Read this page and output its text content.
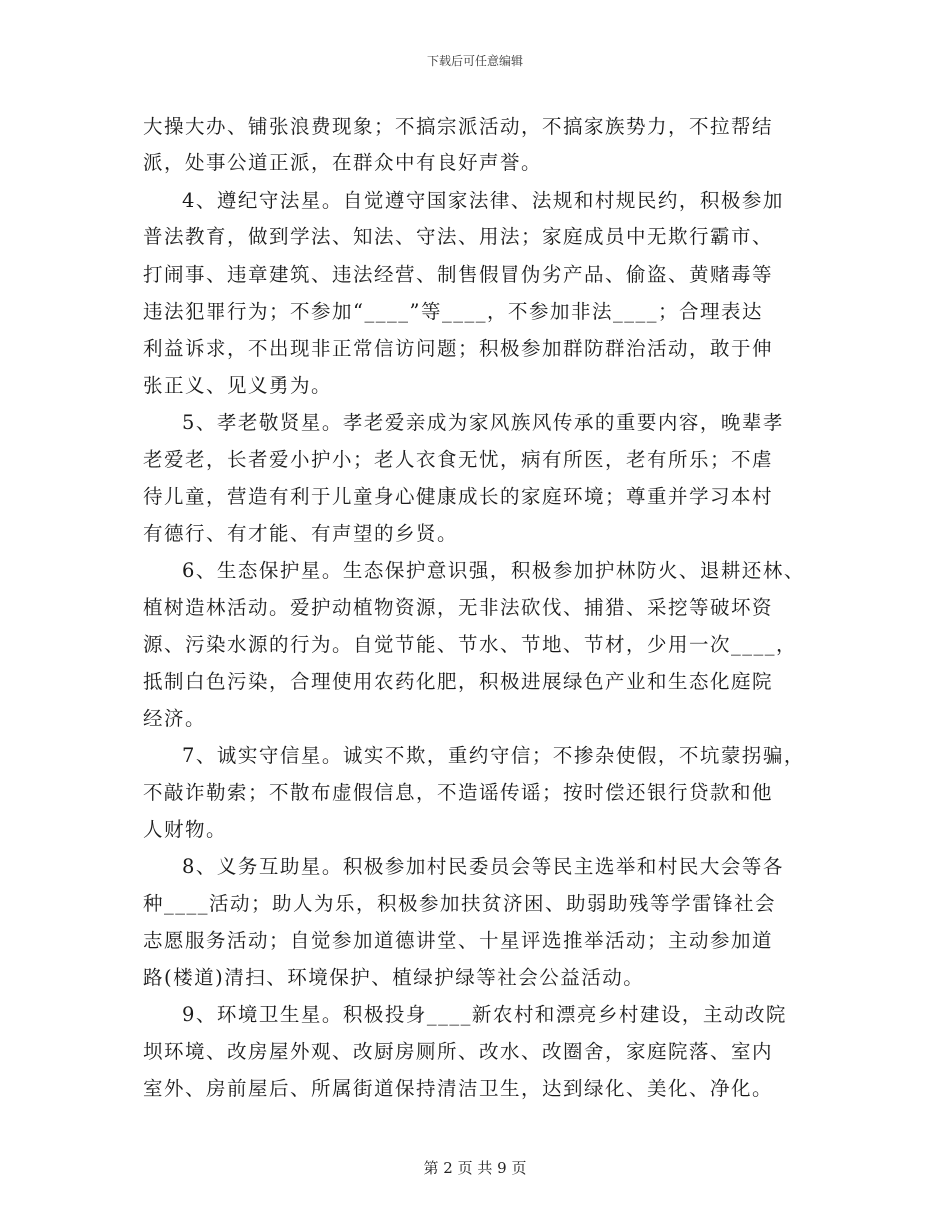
下载后可任意编辑
大操大办、铺张浪费现象；不搞宗派活动，不搞家族势力，不拉帮结
派，处事公道正派，在群众中有良好声誉。
4、遵纪守法星。自觉遵守国家法律、法规和村规民约，积极参加
普法教育，做到学法、知法、守法、用法；家庭成员中无欺行霸市、
打闹事、违章建筑、违法经营、制售假冒伪劣产品、偷盗、黄赌毒等
违法犯罪行为；不参加“____”等____，不参加非法____；合理表达
利益诉求，不出现非正常信访问题；积极参加群防群治活动，敢于伸
张正义、见义勇为。
5、孝老敬贤星。孝老爱亲成为家风族风传承的重要内容，晚辈孝
老爱老，长者爱小护小；老人衣食无忧，病有所医，老有所乐；不虐
待儿童，营造有利于儿童身心健康成长的家庭环境；尊重并学习本村
有德行、有才能、有声望的乡贤。
6、生态保护星。生态保护意识强，积极参加护林防火、退耕还林、
植树造林活动。爱护动植物资源，无非法砍伐、捕猎、采挖等破坏资
源、污染水源的行为。自觉节能、节水、节地、节材，少用一次____，
抵制白色污染，合理使用农药化肥，积极进展绿色产业和生态化庭院
经济。
7、诚实守信星。诚实不欺，重约守信；不掺杂使假，不坑蒙拐骗，
不敲诈勒索；不散布虚假信息，不造谣传谣；按时偿还银行贷款和他
人财物。
8、义务互助星。积极参加村民委员会等民主选举和村民大会等各
种____活动；助人为乐，积极参加扶贫济困、助弱助残等学雷锋社会
志愿服务活动；自觉参加道德讲堂、十星评选推举活动；主动参加道
路(楼道)清扫、环境保护、植绿护绿等社会公益活动。
9、环境卫生星。积极投身____新农村和漂亮乡村建设，主动改院
坝环境、改房屋外观、改厨房厕所、改水、改圈舍，家庭院落、室内
室外、房前屋后、所属街道保持清洁卫生，达到绿化、美化、净化。
第 2 页 共 9 页
